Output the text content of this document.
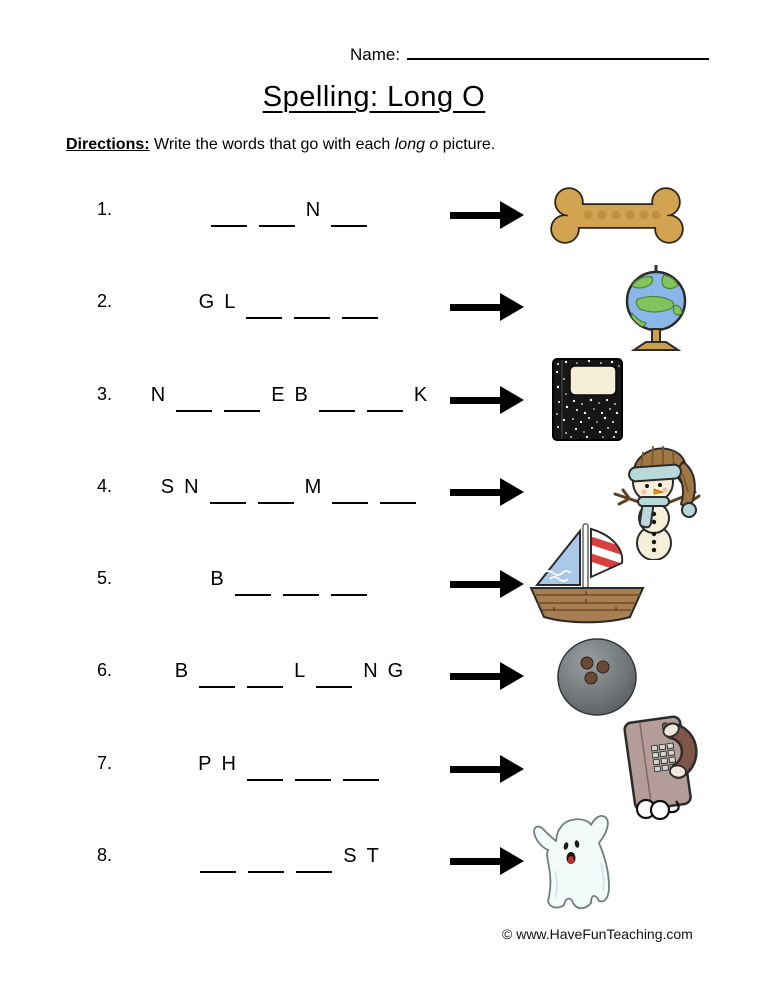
Name:
Spelling: Long O

Directions: Write the words that go with each long o picture.

1.	N
2.	G L
3.	N	E B	K
4.	S N	M
5.	B
6.	B	L	N G
7.	P H
8.	S T
© www.HaveFunTeaching.com
